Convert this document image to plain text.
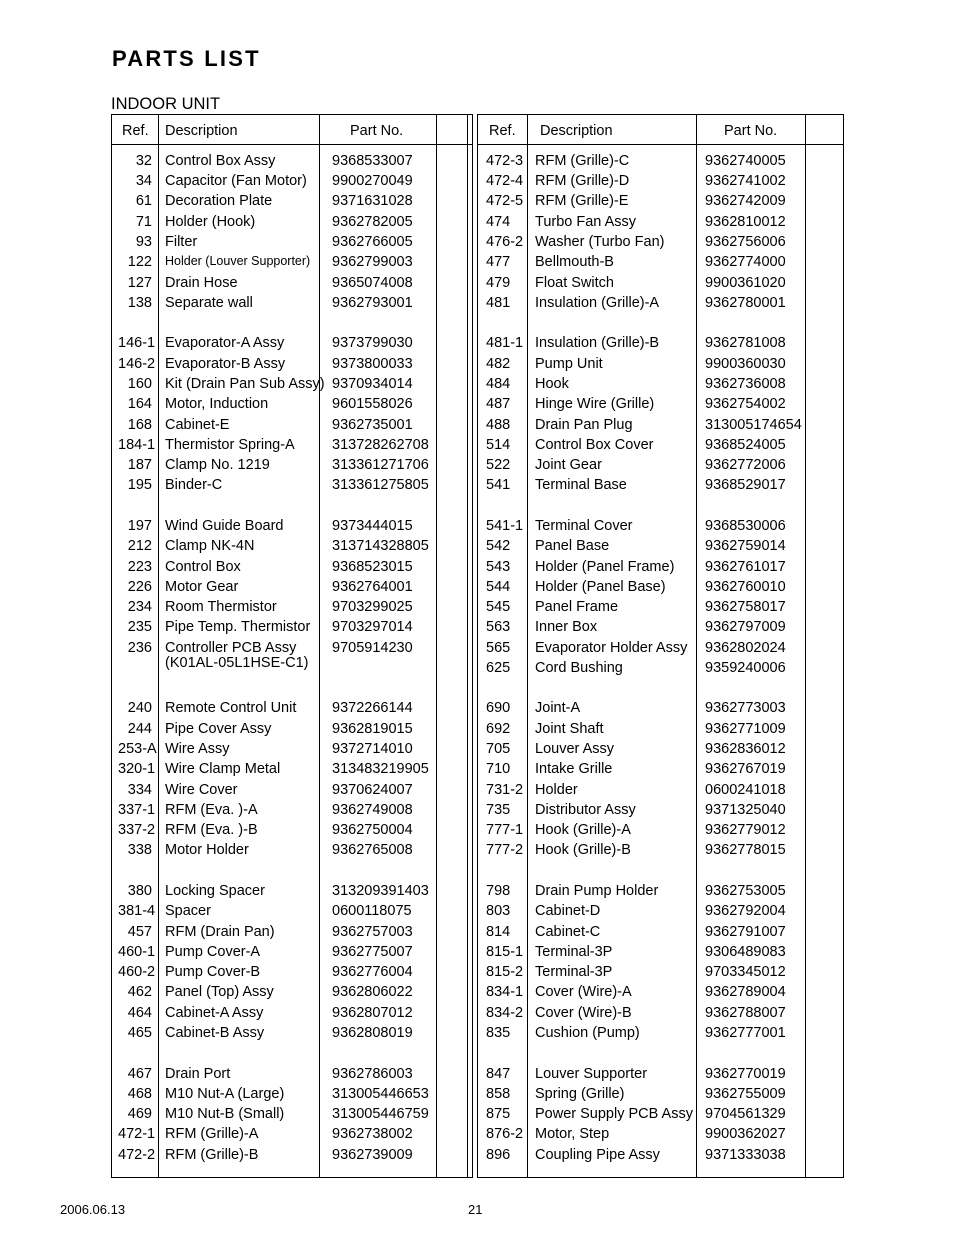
PARTS LIST
INDOOR UNIT
Ref. Description	Part No.
32 Control Box Assy	9368533007
34 Capacitor (Fan Motor) 9900270049
61 Decoration Plate	9371631028
71 Holder (Hook)	9362782005
93 Filter	9362766005
122 Holder (Louver Supporter) 9362799003
127 Drain Hose	9365074008
138 Separate wall	9362793001
146-1 Evaporator-A Assy	9373799030
146-2 Evaporator-B Assy	9373800033
160 Kit (Drain Pan Sub Assy) 9370934014
164 Motor, Induction	9601558026
168 Cabinet-E	9362735001
184-1 Thermistor Spring-A	313728262708
187 Clamp No. 1219	313361271706
195 Binder-C	313361275805
197 Wind Guide Board	9373444015
212 Clamp NK-4N	313714328805
223 Control Box	9368523015
226 Motor Gear	9362764001
234 Room Thermistor	9703299025
235 Pipe Temp. Thermistor 9703297014
236 Controller PCB Assy 9705914230
(K01AL-05L1HSE-C1)
240 Remote Control Unit 9372266144
244 Pipe Cover Assy	9362819015
253-A Wire Assy	9372714010
320-1 Wire Clamp Metal	313483219905
334 Wire Cover	9370624007
337-1 RFM (Eva. )-A	9362749008
337-2 RFM (Eva. )-B	9362750004
338 Motor Holder	9362765008
380 Locking Spacer	313209391403
381-4 Spacer	0600118075
457 RFM (Drain Pan)	9362757003
460-1 Pump Cover-A	9362775007
460-2 Pump Cover-B	9362776004
462 Panel (Top) Assy	9362806022
464 Cabinet-A Assy	9362807012
465 Cabinet-B Assy	9362808019
467 Drain Port	9362786003
468 M10 Nut-A (Large)	313005446653
469 M10 Nut-B (Small)	313005446759
472-1 RFM (Grille)-A	9362738002
472-2 RFM (Grille)-B	9362739009
Ref. Description	Part No.
472-3 RFM (Grille)-C	9362740005
472-4 RFM (Grille)-D	9362741002
472-5 RFM (Grille)-E	9362742009
474 Turbo Fan Assy	9362810012
476-2 Washer (Turbo Fan)	9362756006
477 Bellmouth-B	9362774000
479 Float Switch	9900361020
481 Insulation (Grille)-A	9362780001
481-1 Insulation (Grille)-B	9362781008
482 Pump Unit	9900360030
484 Hook	9362736008
487 Hinge Wire (Grille)	9362754002
488 Drain Pan Plug	313005174654
514 Control Box Cover	9368524005
522 Joint Gear	9362772006
541 Terminal Base	9368529017
541-1 Terminal Cover	9368530006
542 Panel Base	9362759014
543 Holder (Panel Frame) 9362761017
544 Holder (Panel Base)	9362760010
545 Panel Frame	9362758017
563 Inner Box	9362797009
565 Evaporator Holder Assy 9362802024
625 Cord Bushing	9359240006
690 Joint-A	9362773003
692 Joint Shaft	9362771009
705 Louver Assy	9362836012
710 Intake Grille	9362767019
731-2 Holder	0600241018
735 Distributor Assy	9371325040
777-1 Hook (Grille)-A	9362779012
777-2 Hook (Grille)-B	9362778015
798 Drain Pump Holder	9362753005
803 Cabinet-D	9362792004
814 Cabinet-C	9362791007
815-1 Terminal-3P	9306489083
815-2 Terminal-3P	9703345012
834-1 Cover (Wire)-A	9362789004
834-2 Cover (Wire)-B	9362788007
835 Cushion (Pump)	9362777001
847 Louver Supporter	9362770019
858 Spring (Grille)	9362755009
875 Power Supply PCB Assy 9704561329
876-2 Motor, Step	9900362027
896 Coupling Pipe Assy	9371333038
2006.06.13	21
